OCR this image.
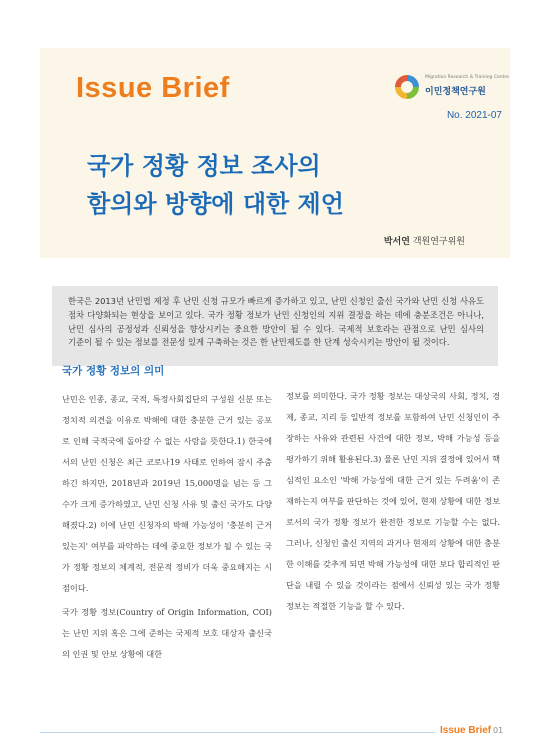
Issue Brief	Migration Research & Training Centre
이민정책연구원
No. 2021-07
국가 정황 정보 조사의
함의와 방향에 대한 제언
박서연 객원연구위원

한국은 2013년 난민법 제정 후 난민 신청 규모가 빠르게 증가하고 있고, 난민 신청인 출신 국가와 난민 신청 사유도 점차 다양화되는 현상을 보이고 있다. 국가 정황 정보가 난민 신청인의 지위 결정을 하는 데에 충분조건은 아니나, 난민 심사의 공정성과 신뢰성을 향상시키는 중요한 방안이 될 수 있다. 국제적 보호라는 관점으로 난민 심사의 기준이 될 수 있는 정보를 전문성 있게 구축하는 것은 한 난민제도를 한 단계 성숙시키는 방안이 될 것이다.

국가 정황 정보의 의미

난민은 인종, 종교, 국적, 특정사회집단의 구성원 신분 또는 정치적 의견을 이유로 박해에 대한 충분한 근거 있는 공포로 인해 국적국에 돌아갈 수 없는 사람을 뜻한다.1) 한국에서의 난민 신청은 최근 코로나19 사태로 인하여 잠시 주춤하긴 하지만, 2018년과 2019년 15,000명을 넘는 등 그 수가 크게 증가하였고, 난민 신청 사유 및 출신 국가도 다양해졌다.2) 이에 난민 신청자의 박해 가능성이 '충분히 근거 있는지' 여부를 파악하는 데에 중요한 정보가 될 수 있는 국가 정황 정보의 체계적, 전문적 정비가 더욱 중요해지는 시점이다.

국가 정황 정보(Country of Origin Information, COI)는 난민 지위 혹은 그에 준하는 국제적 보호 대상자 출신국의 인권 및 안보 상황에 대한

정보를 의미한다. 국가 정황 정보는 대상국의 사회, 정치, 경제, 종교, 지리 등 일반적 정보를 포함하여 난민 신청인이 주장하는 사유와 관련된 사건에 대한 정보, 박해 가능성 등을 평가하기 위해 활용된다.3) 물론 난민 지위 결정에 있어서 핵심적인 요소인 '박해 가능성에 대한 근거 있는 두려움'이 존재하는지 여부를 판단하는 것에 있어, 현재 상황에 대한 정보로서의 국가 정황 정보가 완전한 정보로 기능할 수는 없다. 그러나, 신청인 출신 지역의 과거나 현재의 상황에 대한 충분한 이해를 갖추게 되면 박해 가능성에 대한 보다 합리적인 판단을 내릴 수 있을 것이라는 점에서 신뢰성 있는 국가 정황 정보는 적절한 기능을 할 수 있다.

Issue Brief 01
